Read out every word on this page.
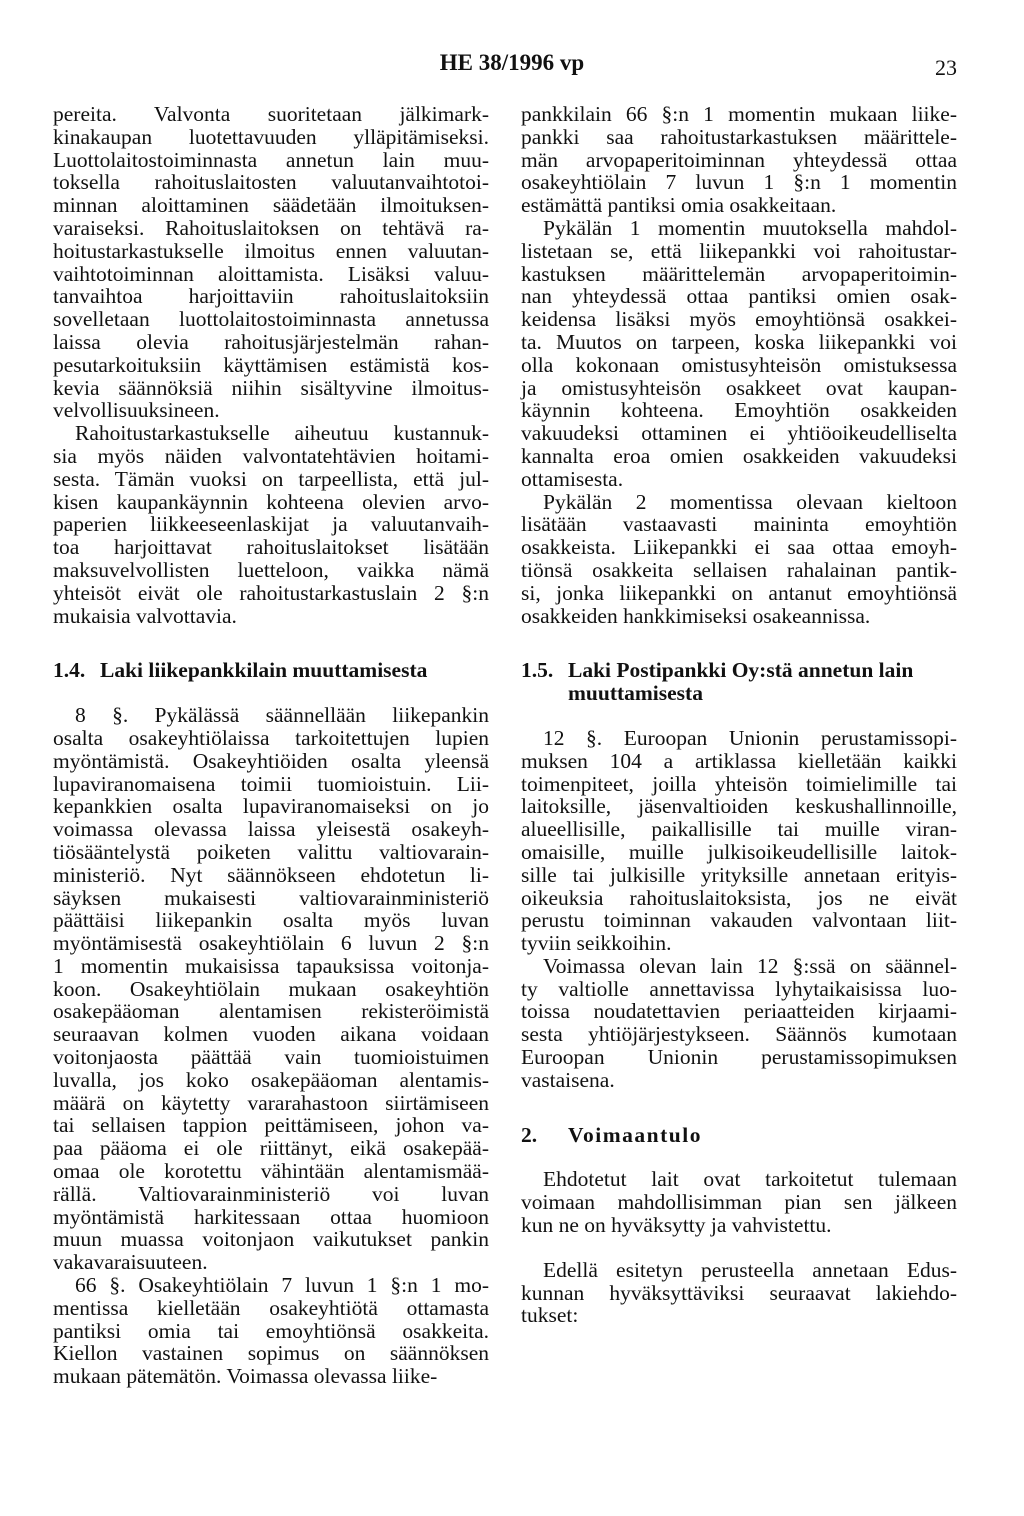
HE 38/1996 vp	23
pereita. Valvonta suoritetaan jälkimark-
kinakaupan luotettavuuden ylläpitämiseksi.
Luottolaitostoiminnasta annetun lain muu-
toksella rahoituslaitosten valuutanvaihtotoi-
minnan aloittaminen säädetään ilmoituksen-
varaiseksi. Rahoituslaitoksen on tehtävä ra-
hoitustarkastukselle ilmoitus ennen valuutan-
vaihtotoiminnan aloittamista. Lisäksi valuu-
tanvaihtoa harjoittaviin rahoituslaitoksiin
sovelletaan luottolaitostoiminnasta annetussa
laissa olevia rahoitusjärjestelmän rahan-
pesutarkoituksiin käyttämisen estämistä kos-
kevia säännöksiä niihin sisältyvine ilmoitus-
velvollisuuksineen.
Rahoitustarkastukselle aiheutuu kustannuk-
sia myös näiden valvontatehtävien hoitami-
sesta. Tämän vuoksi on tarpeellista, että jul-
kisen kaupankäynnin kohteena olevien arvo-
paperien liikkeeseenlaskijat ja valuutanvaih-
toa harjoittavat rahoituslaitokset lisätään
maksuvelvollisten luetteloon, vaikka nämä
yhteisöt eivät ole rahoitustarkastuslain 2 §:n
mukaisia valvottavia.
1.4. Laki liikepankkilain muuttamisesta
8 §. Pykälässä säännellään liikepankin
osalta osakeyhtiölaissa tarkoitettujen lupien
myöntämistä. Osakeyhtiöiden osalta yleensä
lupaviranomaisena toimii tuomioistuin. Lii-
kepankkien osalta lupaviranomaiseksi on jo
voimassa olevassa laissa yleisestä osakeyh-
tiösääntelystä poiketen valittu valtiovarain-
ministeriö. Nyt säännökseen ehdotetun li-
säyksen mukaisesti valtiovarainministeriö
päättäisi liikepankin osalta myös luvan
myöntämisestä osakeyhtiölain 6 luvun 2 §:n
1 momentin mukaisissa tapauksissa voitonja-
koon. Osakeyhtiölain mukaan osakeyhtiön
osakepääoman alentamisen rekisteröimistä
seuraavan kolmen vuoden aikana voidaan
voitonjaosta päättää vain tuomioistuimen
luvalla, jos koko osakepääoman alentamis-
määrä on käytetty vararahastoon siirtämiseen
tai sellaisen tappion peittämiseen, johon va-
paa pääoma ei ole riittänyt, eikä osakepää-
omaa ole korotettu vähintään alentamismää-
rällä. Valtiovarainministeriö voi luvan
myöntämistä harkitessaan ottaa huomioon
muun muassa voitonjaon vaikutukset pankin
vakavaraisuuteen.
66 §. Osakeyhtiölain 7 luvun 1 §:n 1 mo-
mentissa kielletään osakeyhtiötä ottamasta
pantiksi omia tai emoyhtiönsä osakkeita.
Kiellon vastainen sopimus on säännöksen
mukaan pätemätön. Voimassa olevassa liike-
pankkilain 66 §:n 1 momentin mukaan liike-
pankki saa rahoitustarkastuksen määrittele-
män arvopaperitoiminnan yhteydessä ottaa
osakeyhtiölain 7 luvun 1 §:n 1 momentin
estämättä pantiksi omia osakkeitaan.
Pykälän 1 momentin muutoksella mahdol-
listetaan se, että liikepankki voi rahoitustar-
kastuksen määrittelemän arvopaperitoimin-
nan yhteydessä ottaa pantiksi omien osak-
keidensa lisäksi myös emoyhtiönsä osakkei-
ta. Muutos on tarpeen, koska liikepankki voi
olla kokonaan omistusyhteisön omistuksessa
ja omistusyhteisön osakkeet ovat kaupan-
käynnin kohteena. Emoyhtiön osakkeiden
vakuudeksi ottaminen ei yhtiöoikeudelliselta
kannalta eroa omien osakkeiden vakuudeksi
ottamisesta.
Pykälän 2 momentissa olevaan kieltoon
lisätään vastaavasti maininta emoyhtiön
osakkeista. Liikepankki ei saa ottaa emoyh-
tiönsä osakkeita sellaisen rahalainan pantik-
si, jonka liikepankki on antanut emoyhtiönsä
osakkeiden hankkimiseksi osakeannissa.
1.5. Laki Postipankki Oy:stä annetun lain
muuttamisesta
12 §. Euroopan Unionin perustamissopi-
muksen 104 a artiklassa kielletään kaikki
toimenpiteet, joilla yhteisön toimielimille tai
laitoksille, jäsenvaltioiden keskushallinnoille,
alueellisille, paikallisille tai muille viran-
omaisille, muille julkisoikeudellisille laitok-
sille tai julkisille yrityksille annetaan erityis-
oikeuksia rahoituslaitoksista, jos ne eivät
perustu toiminnan vakauden valvontaan liit-
tyviin seikkoihin.
Voimassa olevan lain 12 §:ssä on säännel-
ty valtiolle annettavissa lyhytaikaisissa luo-
toissa noudatettavien periaatteiden kirjaami-
sesta yhtiöjärjestykseen. Säännös kumotaan
Euroopan Unionin perustamissopimuksen
vastaisena.
2.	Voimaantulo
Ehdotetut lait ovat tarkoitetut tulemaan
voimaan mahdollisimman pian sen jälkeen
kun ne on hyväksytty ja vahvistettu.
Edellä esitetyn perusteella annetaan Edus-
kunnan hyväksyttäviksi seuraavat lakiehdo-
tukset:
